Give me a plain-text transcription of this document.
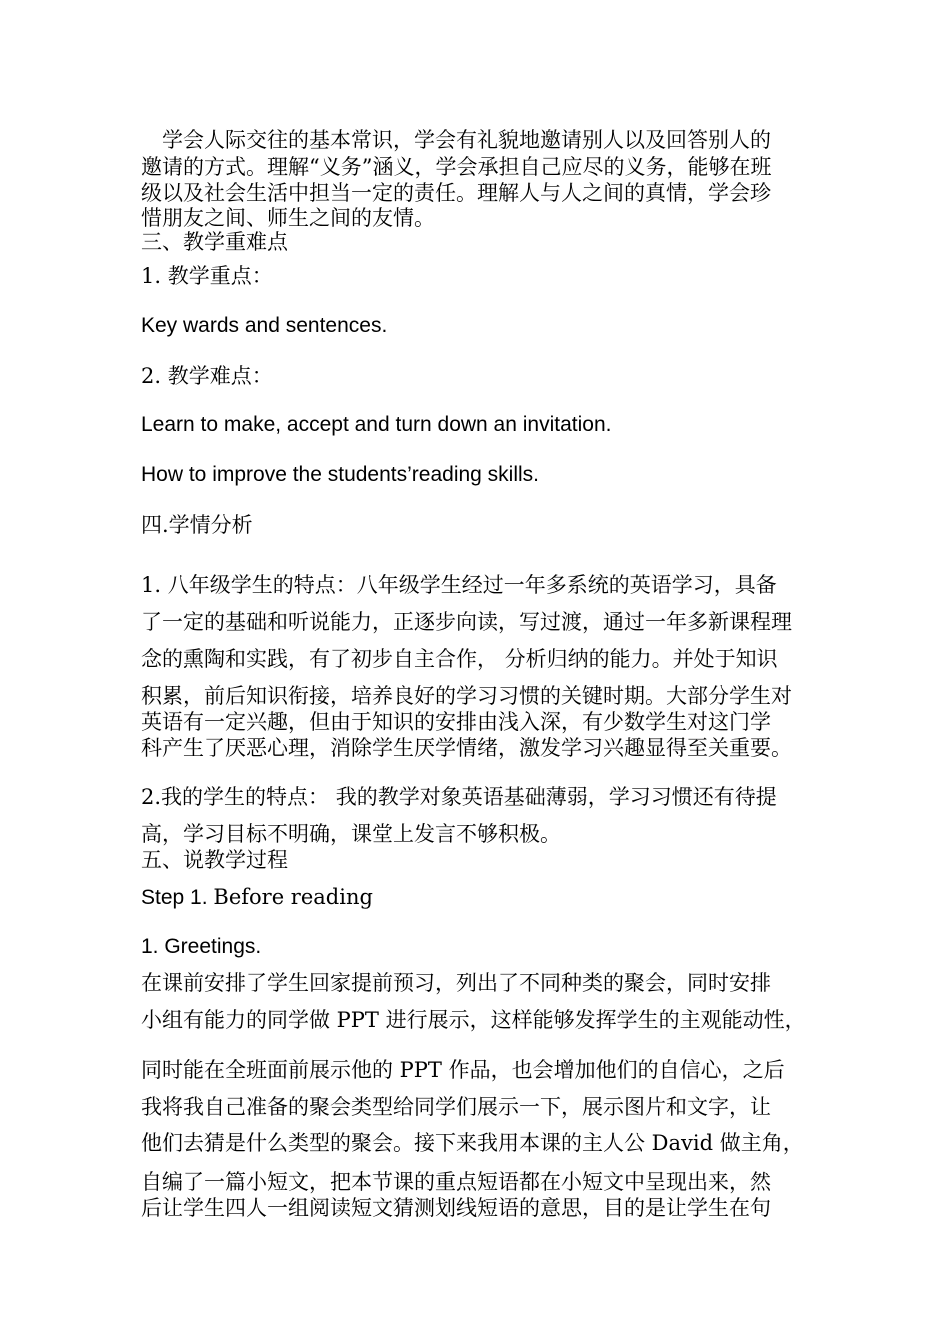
学会人际交往的基本常识，学会有礼貌地邀请别人以及回答别人的
邀请的方式。理解“义务”涵义，学会承担自己应尽的义务，能够在班
级以及社会生活中担当一定的责任。理解人与人之间的真情，学会珍
惜朋友之间、师生之间的友情。
三、教学重难点
1. 教学重点：
Key wards and sentences.
2. 教学难点：
Learn to make, accept and turn down an invitation.
How to improve the students’reading skills.
四.学情分析
1. 八年级学生的特点：八年级学生经过一年多系统的英语学习，具备
了一定的基础和听说能力，正逐步向读，写过渡，通过一年多新课程理
念的熏陶和实践，有了初步自主合作， 分析归纳的能力。并处于知识
积累，前后知识衔接，培养良好的学习习惯的关键时期。大部分学生对
英语有一定兴趣，但由于知识的安排由浅入深，有少数学生对这门学
科产生了厌恶心理，消除学生厌学情绪，激发学习兴趣显得至关重要。
2.我的学生的特点： 我的教学对象英语基础薄弱，学习习惯还有待提
高，学习目标不明确，课堂上发言不够积极。
五、说教学过程
Step 1. Before reading
1. Greetings.
在课前安排了学生回家提前预习，列出了不同种类的聚会，同时安排
小组有能力的同学做 PPT 进行展示，这样能够发挥学生的主观能动性，
同时能在全班面前展示他的 PPT 作品，也会增加他们的自信心，之后
我将我自己准备的聚会类型给同学们展示一下，展示图片和文字，让
他们去猜是什么类型的聚会。接下来我用本课的主人公 David 做主角，
自编了一篇小短文，把本节课的重点短语都在小短文中呈现出来，然
后让学生四人一组阅读短文猜测划线短语的意思，目的是让学生在句
